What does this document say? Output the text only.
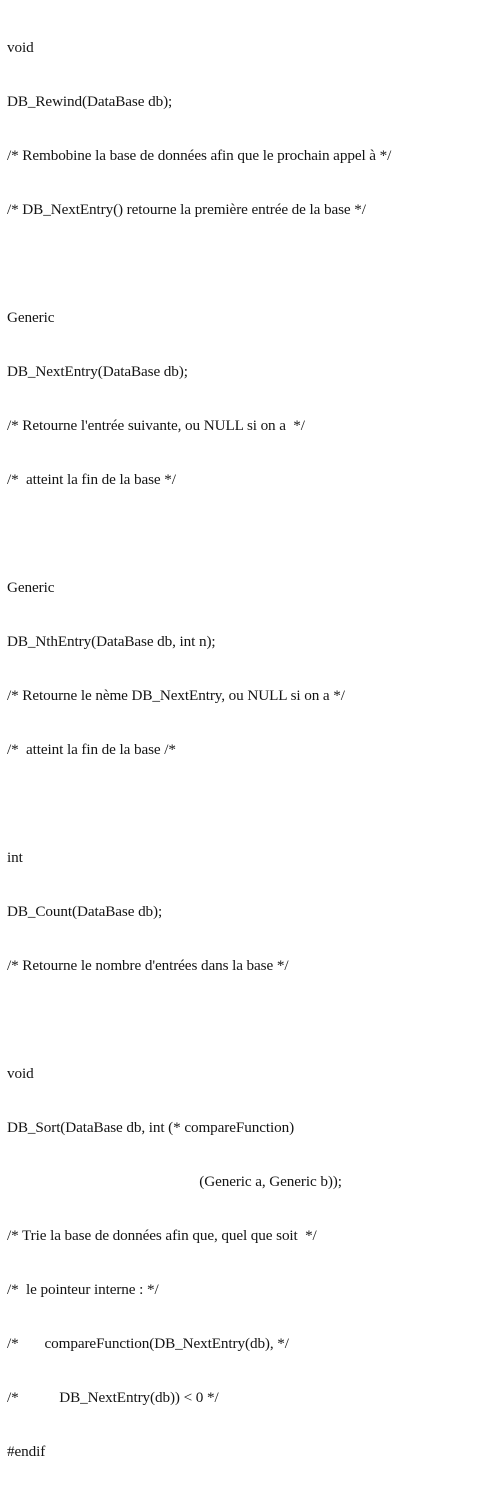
void

DB_Rewind(DataBase db);

/* Rembobine la base de données afin que le prochain appel à */

/* DB_NextEntry() retourne la première entrée de la base */

Generic

DB_NextEntry(DataBase db);

/* Retourne l'entrée suivante, ou NULL si on a  */

/*  atteint la fin de la base */

Generic

DB_NthEntry(DataBase db, int n);

/* Retourne le nème DB_NextEntry, ou NULL si on a */

/*  atteint la fin de la base /*

int

DB_Count(DataBase db);

/* Retourne le nombre d'entrées dans la base */

void

DB_Sort(DataBase db, int (* compareFunction)

(Generic a, Generic b));

/* Trie la base de données afin que, quel que soit  */

/*  le pointeur interne : */

/*       compareFunction(DB_NextEntry(db), */

/*           DB_NextEntry(db)) < 0 */

#endif
